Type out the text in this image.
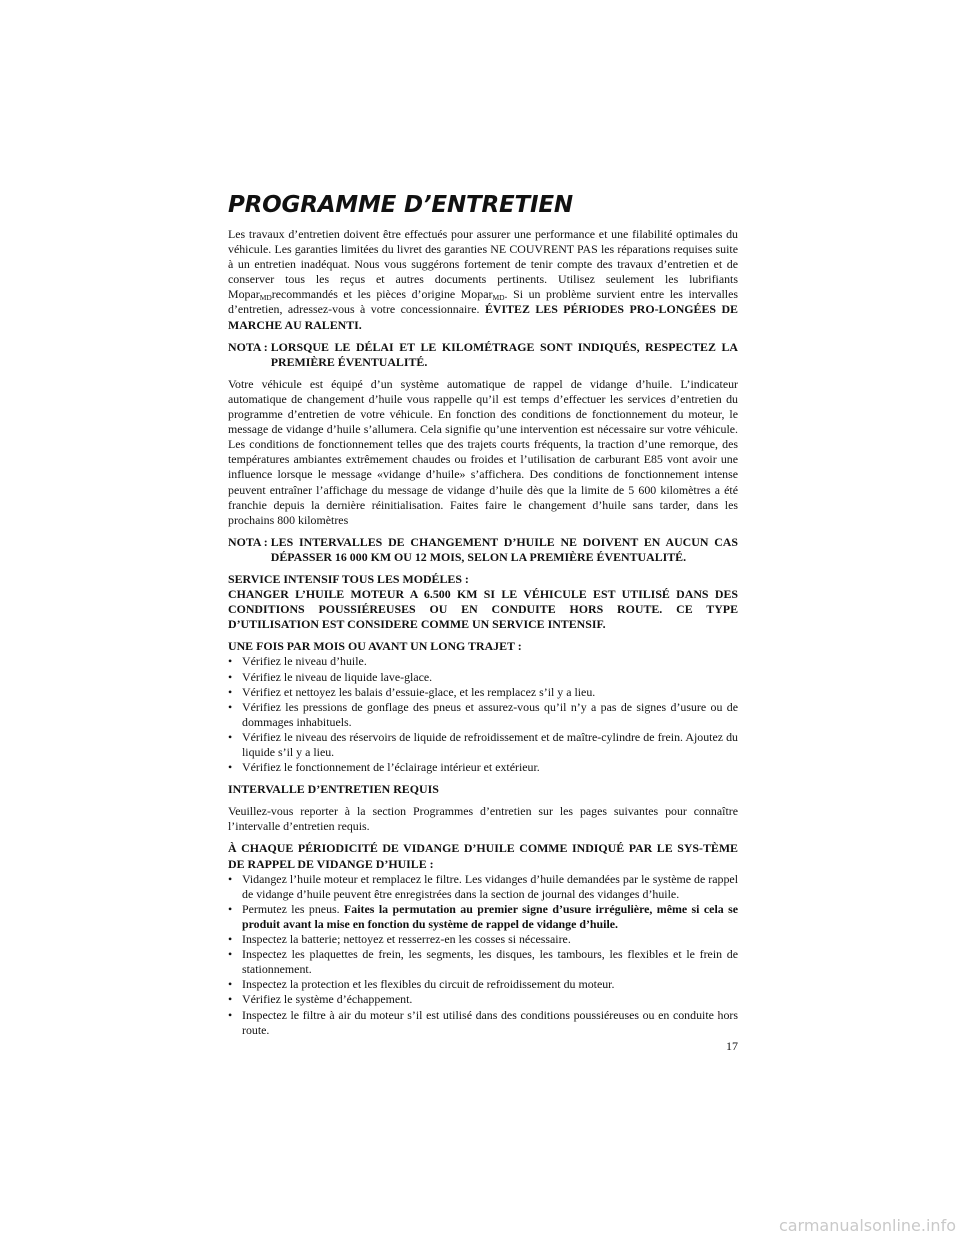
PROGRAMME D’ENTRETIEN

Les travaux d’entretien doivent être effectués pour assurer une performance et une filabilité optimales du véhicule. Les garanties limitées du livret des garanties NE COUVRENT PAS les réparations requises suite à un entretien inadéquat. Nous vous suggérons fortement de tenir compte des travaux d’entretien et de conserver tous les reçus et autres documents pertinents. Utilisez seulement les lubrifiants Mopar$_{MD}$recommandés et les pièces d’origine Mopar$_{MD}$. Si un problème survient entre les intervalles d’entretien, adressez-vous à votre concessionnaire. ÉVITEZ LES PÉRIODES PRO-LONGÉES DE MARCHE AU RALENTI.

NOTA : LORSQUE LE DÉLAI ET LE KILOMÉTRAGE SONT INDIQUÉS, RESPECTEZ LA PREMIÈRE ÉVENTUALITÉ.

Votre véhicule est équipé d’un système automatique de rappel de vidange d’huile. L’indicateur automatique de changement d’huile vous rappelle qu’il est temps d’effectuer les services d’entretien du programme d’entretien de votre véhicule. En fonction des conditions de fonctionnement du moteur, le message de vidange d’huile s’allumera. Cela signifie qu’une intervention est nécessaire sur votre véhicule. Les conditions de fonctionnement telles que des trajets courts fréquents, la traction d’une remorque, des températures ambiantes extrêmement chaudes ou froides et l’utilisation de carburant E85 vont avoir une influence lorsque le message «vidange d’huile» s’affichera. Des conditions de fonctionnement intense peuvent entraîner l’affichage du message de vidange d’huile dès que la limite de 5 600 kilomètres a été franchie depuis la dernière réinitialisation. Faites faire le changement d’huile sans tarder, dans les prochains 800 kilomètres

NOTA : LES INTERVALLES DE CHANGEMENT D’HUILE NE DOIVENT EN AUCUN CAS DÉPASSER 16 000 KM OU 12 MOIS, SELON LA PREMIÈRE ÉVENTUALITÉ.
SERVICE INTENSIF TOUS LES MODÉLES :
CHANGER L’HUILE MOTEUR A 6.500 KM SI LE VÉHICULE EST UTILISÉ DANS DES CONDITIONS POUSSIÉREUSES OU EN CONDUITE HORS ROUTE. CE TYPE D’UTILISATION EST CONSIDERE COMME UN SERVICE INTENSIF.
UNE FOIS PAR MOIS OU AVANT UN LONG TRAJET :
• Vérifiez le niveau d’huile.
• Vérifiez le niveau de liquide lave-glace.
• Vérifiez et nettoyez les balais d’essuie-glace, et les remplacez s’il y a lieu.
• Vérifiez les pressions de gonflage des pneus et assurez-vous qu’il n’y a pas de signes d’usure ou de dommages inhabituels.
• Vérifiez le niveau des réservoirs de liquide de refroidissement et de maître-cylindre de frein. Ajoutez du liquide s’il y a lieu.
• Vérifiez le fonctionnement de l’éclairage intérieur et extérieur.
INTERVALLE D’ENTRETIEN REQUIS

Veuillez-vous reporter à la section Programmes d’entretien sur les pages suivantes pour connaître l’intervalle d’entretien requis.

À CHAQUE PÉRIODICITÉ DE VIDANGE D’HUILE COMME INDIQUÉ PAR LE SYS-TÈME DE RAPPEL DE VIDANGE D’HUILE :
• Vidangez l’huile moteur et remplacez le filtre. Les vidanges d’huile demandées par le système de rappel de vidange d’huile peuvent être enregistrées dans la section de journal des vidanges d’huile.
• Permutez les pneus. Faites la permutation au premier signe d’usure irrégulière, même si cela se produit avant la mise en fonction du système de rappel de vidange d’huile.
• Inspectez la batterie; nettoyez et resserrez-en les cosses si nécessaire.
• Inspectez les plaquettes de frein, les segments, les disques, les tambours, les flexibles et le frein de stationnement.
• Inspectez la protection et les flexibles du circuit de refroidissement du moteur.
• Vérifiez le système d’échappement.
• Inspectez le filtre à air du moteur s’il est utilisé dans des conditions poussiéreuses ou en conduite hors route.
17
carmanualsonline.info
